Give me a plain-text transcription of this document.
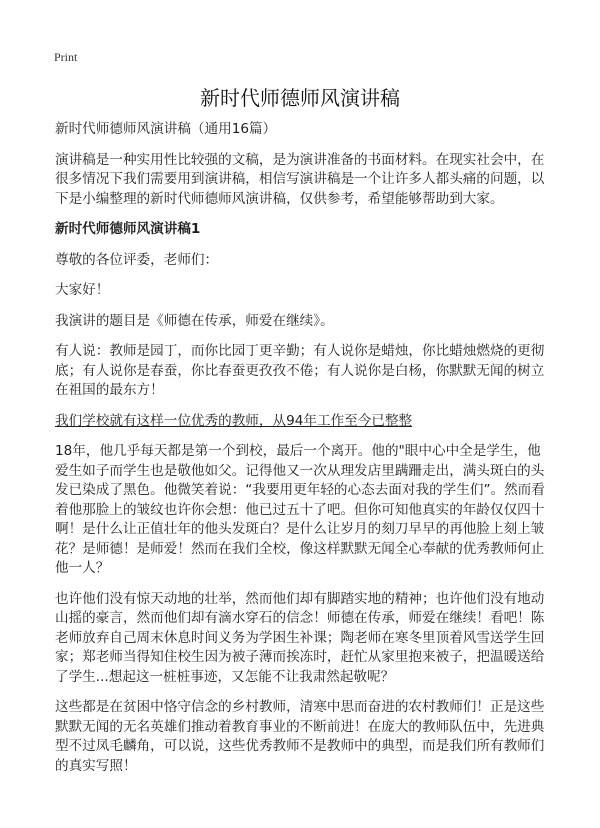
Print
新时代师德师风演讲稿

新时代师德师风演讲稿（通用16篇）

演讲稿是一种实用性比较强的文稿，是为演讲准备的书面材料。在现实社会中，在
很多情况下我们需要用到演讲稿，相信写演讲稿是一个让许多人都头痛的问题，以
下是小编整理的新时代师德师风演讲稿，仅供参考，希望能够帮助到大家。

新时代师德师风演讲稿1

尊敬的各位评委，老师们：

大家好！

我演讲的题目是《师德在传承，师爱在继续》。

有人说：教师是园丁，而你比园丁更辛勤；有人说你是蜡烛，你比蜡烛燃烧的更彻
底；有人说你是春蚕，你比春蚕更孜孜不倦；有人说你是白杨，你默默无闻的树立
在祖国的最东方！

我们学校就有这样一位优秀的教师，从94年工作至今已整整

18年，他几乎每天都是第一个到校，最后一个离开。他的"眼中心中全是学生，他
爱生如子而学生也是敬他如父。记得他又一次从理发店里蹒跚走出，满头斑白的头
发已染成了黑色。他微笑着说：“我要用更年轻的心态去面对我的学生们”。然而看
着他那脸上的皱纹也许你会想：他已过五十了吧。但你可知他真实的年龄仅仅四十
啊！是什么让正值壮年的他头发斑白？是什么让岁月的刻刀早早的再他脸上刻上皱
花？是师德！是师爱！然而在我们全校，像这样默默无闻全心奉献的优秀教师何止
他一人？

也许他们没有惊天动地的壮举，然而他们却有脚踏实地的精神；也许他们没有地动
山摇的豪言，然而他们却有滴水穿石的信念！师德在传承，师爱在继续！看吧！陈
老师放弃自己周末休息时间义务为学困生补课；陶老师在寒冬里顶着风雪送学生回
家；郑老师当得知住校生因为被子薄而挨冻时，赶忙从家里抱来被子，把温暖送给
了学生...想起这一桩桩事迹，又怎能不让我肃然起敬呢？

这些都是在贫困中恪守信念的乡村教师，清寒中思而奋进的农村教师们！正是这些
默默无闻的无名英雄们推动着教育事业的不断前进！在庞大的教师队伍中，先进典
型不过凤毛麟角，可以说，这些优秀教师不是教师中的典型，而是我们所有教师们
的真实写照！
